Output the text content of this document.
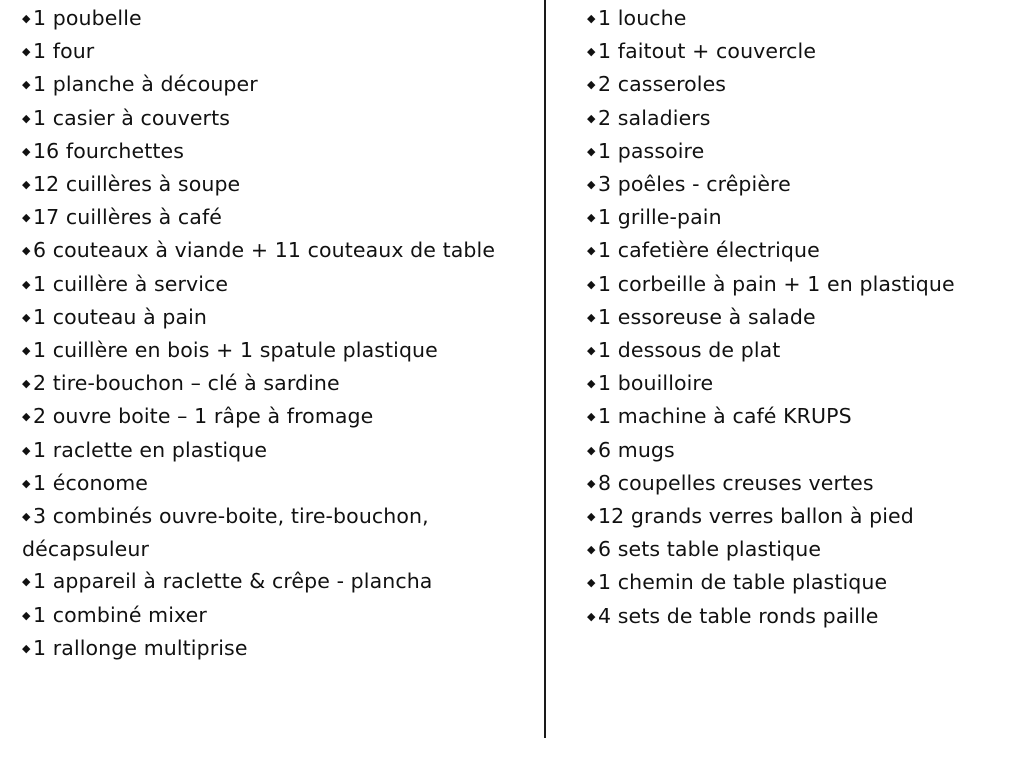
◆ 1 poubelle
◆ 1 four
◆ 1 planche à découper
◆ 1 casier à couverts
◆ 16 fourchettes
◆ 12 cuillères à soupe
◆ 17 cuillères à café
◆ 6 couteaux à viande + 11 couteaux de table
◆ 1 cuillère à service
◆ 1 couteau à pain
◆ 1 cuillère en bois + 1 spatule plastique
◆ 2 tire-bouchon – clé à sardine
◆ 2 ouvre boite – 1 râpe à fromage
◆ 1 raclette en plastique
◆ 1 économe
◆ 3 combinés ouvre-boite, tire-bouchon,
décapsuleur
◆ 1 appareil à raclette & crêpe - plancha
◆ 1 combiné mixer
◆ 1 rallonge multiprise
◆ 1 louche
◆ 1 faitout + couvercle
◆ 2 casseroles
◆ 2 saladiers
◆ 1 passoire
◆ 3 poêles - crêpière
◆ 1 grille-pain
◆ 1 cafetière électrique
◆ 1 corbeille à pain + 1 en plastique
◆ 1 essoreuse à salade
◆ 1 dessous de plat
◆ 1 bouilloire
◆ 1 machine à café KRUPS
◆ 6 mugs
◆ 8 coupelles creuses vertes
◆ 12 grands verres ballon à pied
◆ 6 sets table plastique
◆ 1 chemin de table plastique
◆ 4 sets de table ronds paille
